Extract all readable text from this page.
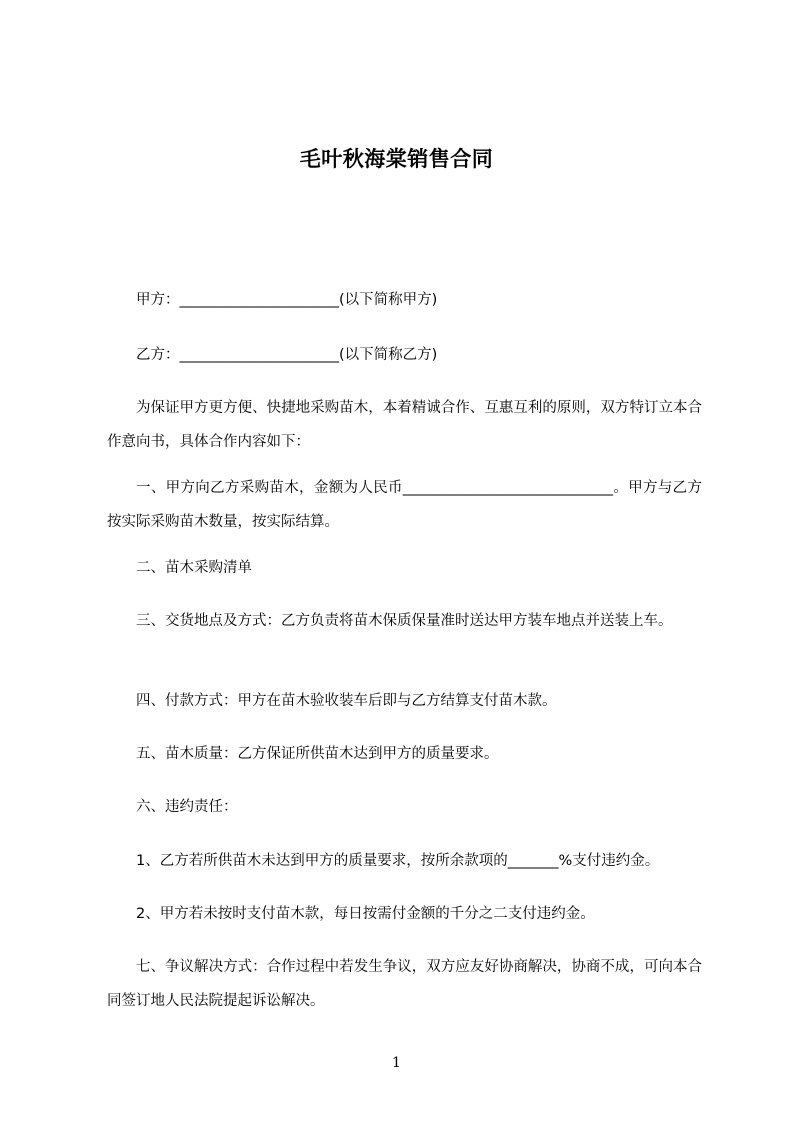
毛叶秋海棠销售合同
甲方：______________________(以下简称甲方)
乙方：______________________(以下简称乙方)
为保证甲方更方便、快捷地采购苗木，本着精诚合作、互惠互利的原则，双方特订立本合作意向书，具体合作内容如下：
一、甲方向乙方采购苗木，金额为人民币_____________________________。甲方与乙方按实际采购苗木数量，按实际结算。
二、苗木采购清单
三、交货地点及方式：乙方负责将苗木保质保量准时送达甲方装车地点并送装上车。
四、付款方式：甲方在苗木验收装车后即与乙方结算支付苗木款。
五、苗木质量：乙方保证所供苗木达到甲方的质量要求。
六、违约责任：
1、乙方若所供苗木未达到甲方的质量要求，按所余款项的_______%支付违约金。
2、甲方若未按时支付苗木款，每日按需付金额的千分之二支付违约金。
七、争议解决方式：合作过程中若发生争议，双方应友好协商解决，协商不成，可向本合同签订地人民法院提起诉讼解决。
1
